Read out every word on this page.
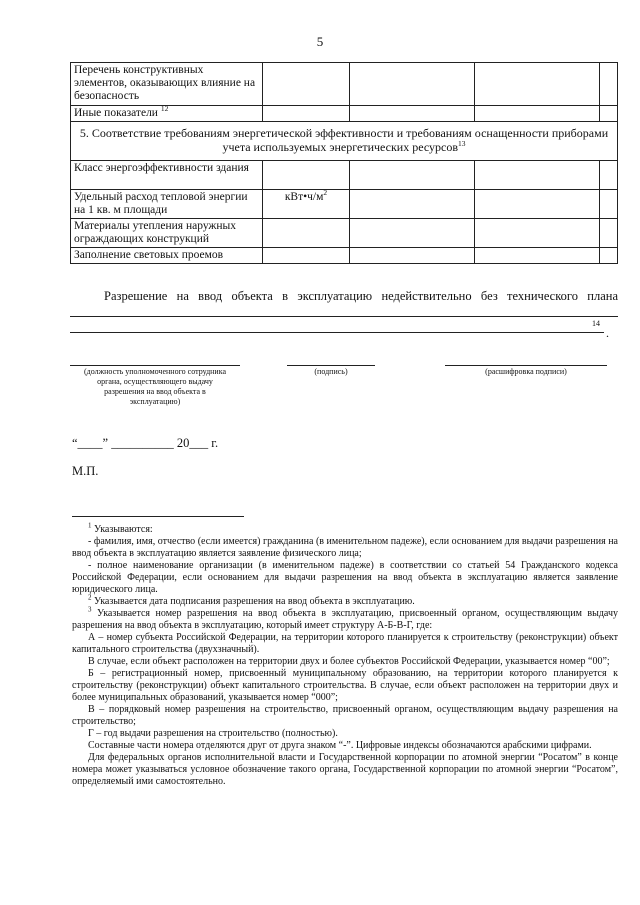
5
Перечень конструктивных элементов, оказывающих влияние на безопасность				
Иные показатели $^{12}$				
5. Соответствие требованиям энергетической эффективности и требованиям оснащенности приборами учета используемых энергетических ресурсов$^{13}$
Класс энергоэффективности здания				
Удельный расход тепловой энергии на 1 кв. м площади	$кВт•ч/м^2$			
Материалы утепления наружных ограждающих конструкций				
Заполнение световых проемов				
Разрешение на ввод объекта в эксплуатацию недействительно без технического плана
14
.
(должность уполномоченного сотрудника органа, осуществляющего выдачу разрешения на ввод объекта в эксплуатацию)
(подпись)	(расшифровка подписи)
“____” __________ 20___ г.
М.П.

$^1$ Указываются:

- фамилия, имя, отчество (если имеется) гражданина (в именительном падеже), если основанием для выдачи разрешения на ввод объекта в эксплуатацию является заявление физического лица;

- полное наименование организации (в именительном падеже) в соответствии со статьей 54 Гражданского кодекса Российской Федерации, если основанием для выдачи разрешения на ввод объекта в эксплуатацию является заявление юридического лица.

$^2$ Указывается дата подписания разрешения на ввод объекта в эксплуатацию.

$^3$ Указывается номер разрешения на ввод объекта в эксплуатацию, присвоенный органом, осуществляющим выдачу разрешения на ввод объекта в эксплуатацию, который имеет структуру А-Б-В-Г, где:

А – номер субъекта Российской Федерации, на территории которого планируется к строительству (реконструкции) объект капитального строительства (двухзначный).

В случае, если объект расположен на территории двух и более субъектов Российской Федерации, указывается номер “00”;

Б – регистрационный номер, присвоенный муниципальному образованию, на территории которого планируется к строительству (реконструкции) объект капитального строительства. В случае, если объект расположен на территории двух и более муниципальных образований, указывается номер “000”;

В – порядковый номер разрешения на строительство, присвоенный органом, осуществляющим выдачу разрешения на строительство;

Г – год выдачи разрешения на строительство (полностью).

Составные части номера отделяются друг от друга знаком “-”. Цифровые индексы обозначаются арабскими цифрами.

Для федеральных органов исполнительной власти и Государственной корпорации по атомной энергии “Росатом” в конце номера может указываться условное обозначение такого органа, Государственной корпорации по атомной энергии “Росатом”, определяемый ими самостоятельно.
